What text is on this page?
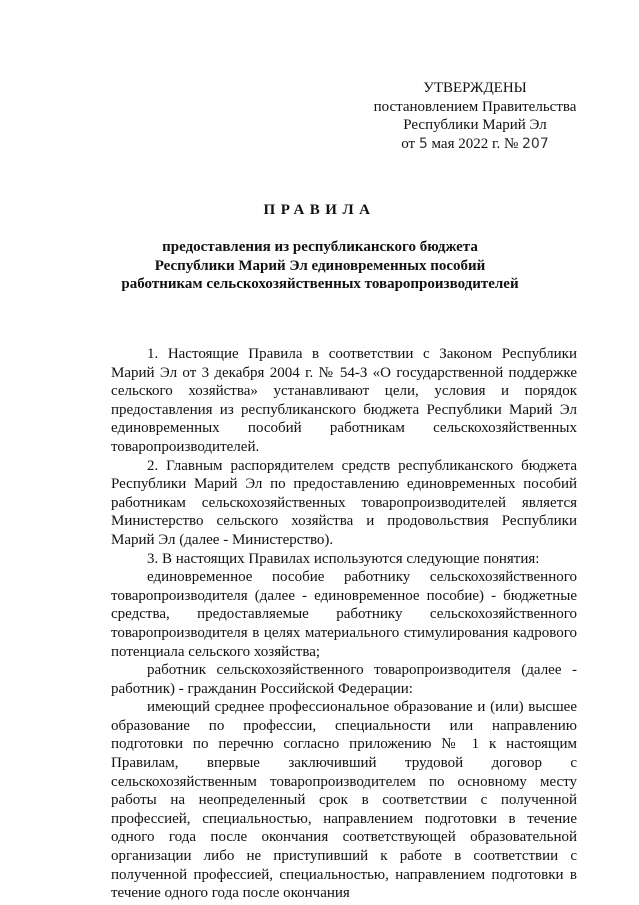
УТВЕРЖДЕНЫ
постановлением Правительства
Республики Марий Эл
от 5 мая 2022 г. № 207
ПРАВИЛА
предоставления из республиканского бюджета
Республики Марий Эл единовременных пособий
работникам сельскохозяйственных товаропроизводителей

1. Настоящие Правила в соответствии с Законом Республики Марий Эл от 3 декабря 2004 г. № 54-З «О государственной поддержке сельского хозяйства» устанавливают цели, условия и порядок предоставления из республиканского бюджета Республики Марий Эл единовременных пособий работникам сельскохозяйственных товаропроизводителей.

2. Главным распорядителем средств республиканского бюджета Республики Марий Эл по предоставлению единовременных пособий работникам сельскохозяйственных товаропроизводителей является Министерство сельского хозяйства и продовольствия Республики Марий Эл (далее - Министерство).

3. В настоящих Правилах используются следующие понятия:

единовременное пособие работнику сельскохозяйственного товаропроизводителя (далее - единовременное пособие) - бюджетные средства, предоставляемые работнику сельскохозяйственного товаропроизводителя в целях материального стимулирования кадрового потенциала сельского хозяйства;

работник сельскохозяйственного товаропроизводителя (далее - работник) - гражданин Российской Федерации:

имеющий среднее профессиональное образование и (или) высшее образование по профессии, специальности или направлению подготовки по перечню согласно приложению № 1 к настоящим Правилам, впервые заключивший трудовой договор с сельскохозяйственным товаропроизводителем по основному месту работы на неопределенный срок в соответствии с полученной профессией, специальностью, направлением подготовки в течение одного года после окончания соответствующей образовательной организации либо не приступивший к работе в соответствии с полученной профессией, специальностью, направлением подготовки в течение одного года после окончания
